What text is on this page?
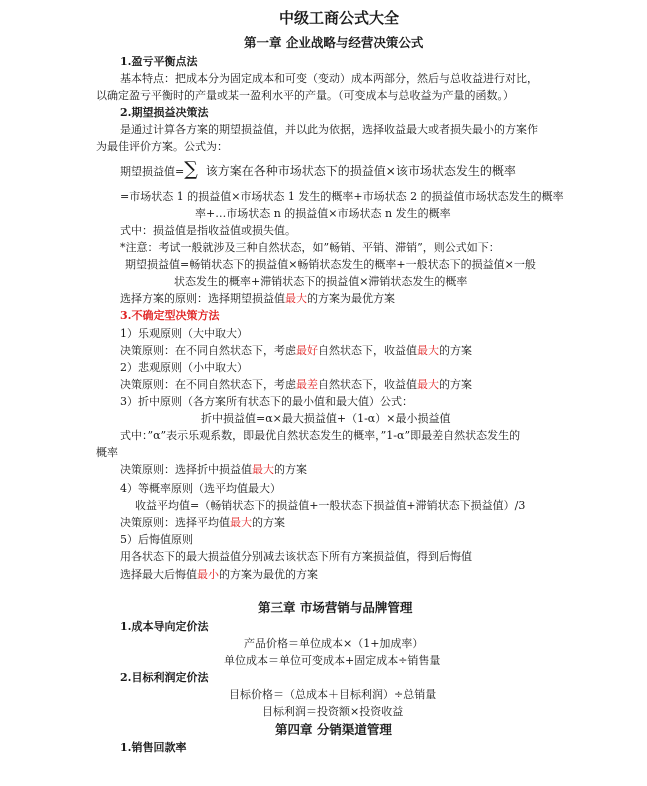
中级工商公式大全
第一章 企业战略与经营决策公式
1.盈亏平衡点法
基本特点：把成本分为固定成本和可变（变动）成本两部分，然后与总收益进行对比，
以确定盈亏平衡时的产量或某一盈利水平的产量。（可变成本与总收益为产量的函数。）
2.期望损益决策法
是通过计算各方案的期望损益值，并以此为依据，选择收益最大或者损失最小的方案作
为最佳评价方案。公式为：
期望损益值=∑ 该方案在各种市场状态下的损益值×该市场状态发生的概率
=市场状态 1 的损益值×市场状态 1 发生的概率+市场状态 2 的损益值市场状态发生的概率
率+…市场状态 n 的损益值×市场状态 n 发生的概率
式中：损益值是指收益值或损失值。
*注意：考试一般就涉及三种自然状态，如”畅销、平销、滞销”，则公式如下：
期望损益值=畅销状态下的损益值×畅销状态发生的概率+一般状态下的损益值×一般
状态发生的概率+滞销状态下的损益值×滞销状态发生的概率
选择方案的原则：选择期望损益值最大的方案为最优方案
3.不确定型决策方法
1）乐观原则（大中取大）
决策原则：在不同自然状态下，考虑最好自然状态下，收益值最大的方案
2）悲观原则（小中取大）
决策原则：在不同自然状态下，考虑最差自然状态下，收益值最大的方案
3）折中原则（各方案所有状态下的最小值和最大值）公式：
折中损益值=α×最大损益值+（1-α）×最小损益值
式中：”α”表示乐观系数，即最优自然状态发生的概率，”1-α”即最差自然状态发生的
概率
决策原则：选择折中损益值最大的方案
4）等概率原则（选平均值最大）
收益平均值=（畅销状态下的损益值+一般状态下损益值+滞销状态下损益值）/3
决策原则：选择平均值最大的方案
5）后悔值原则
用各状态下的最大损益值分别减去该状态下所有方案损益值，得到后悔值
选择最大后悔值最小的方案为最优的方案
第三章 市场营销与品牌管理
1.成本导向定价法
产品价格＝单位成本×（1+加成率）
单位成本＝单位可变成本+固定成本÷销售量
2.目标利润定价法
目标价格＝（总成本＋目标利润）÷总销量
目标利润＝投资额×投资收益
第四章 分销渠道管理
1.销售回款率
